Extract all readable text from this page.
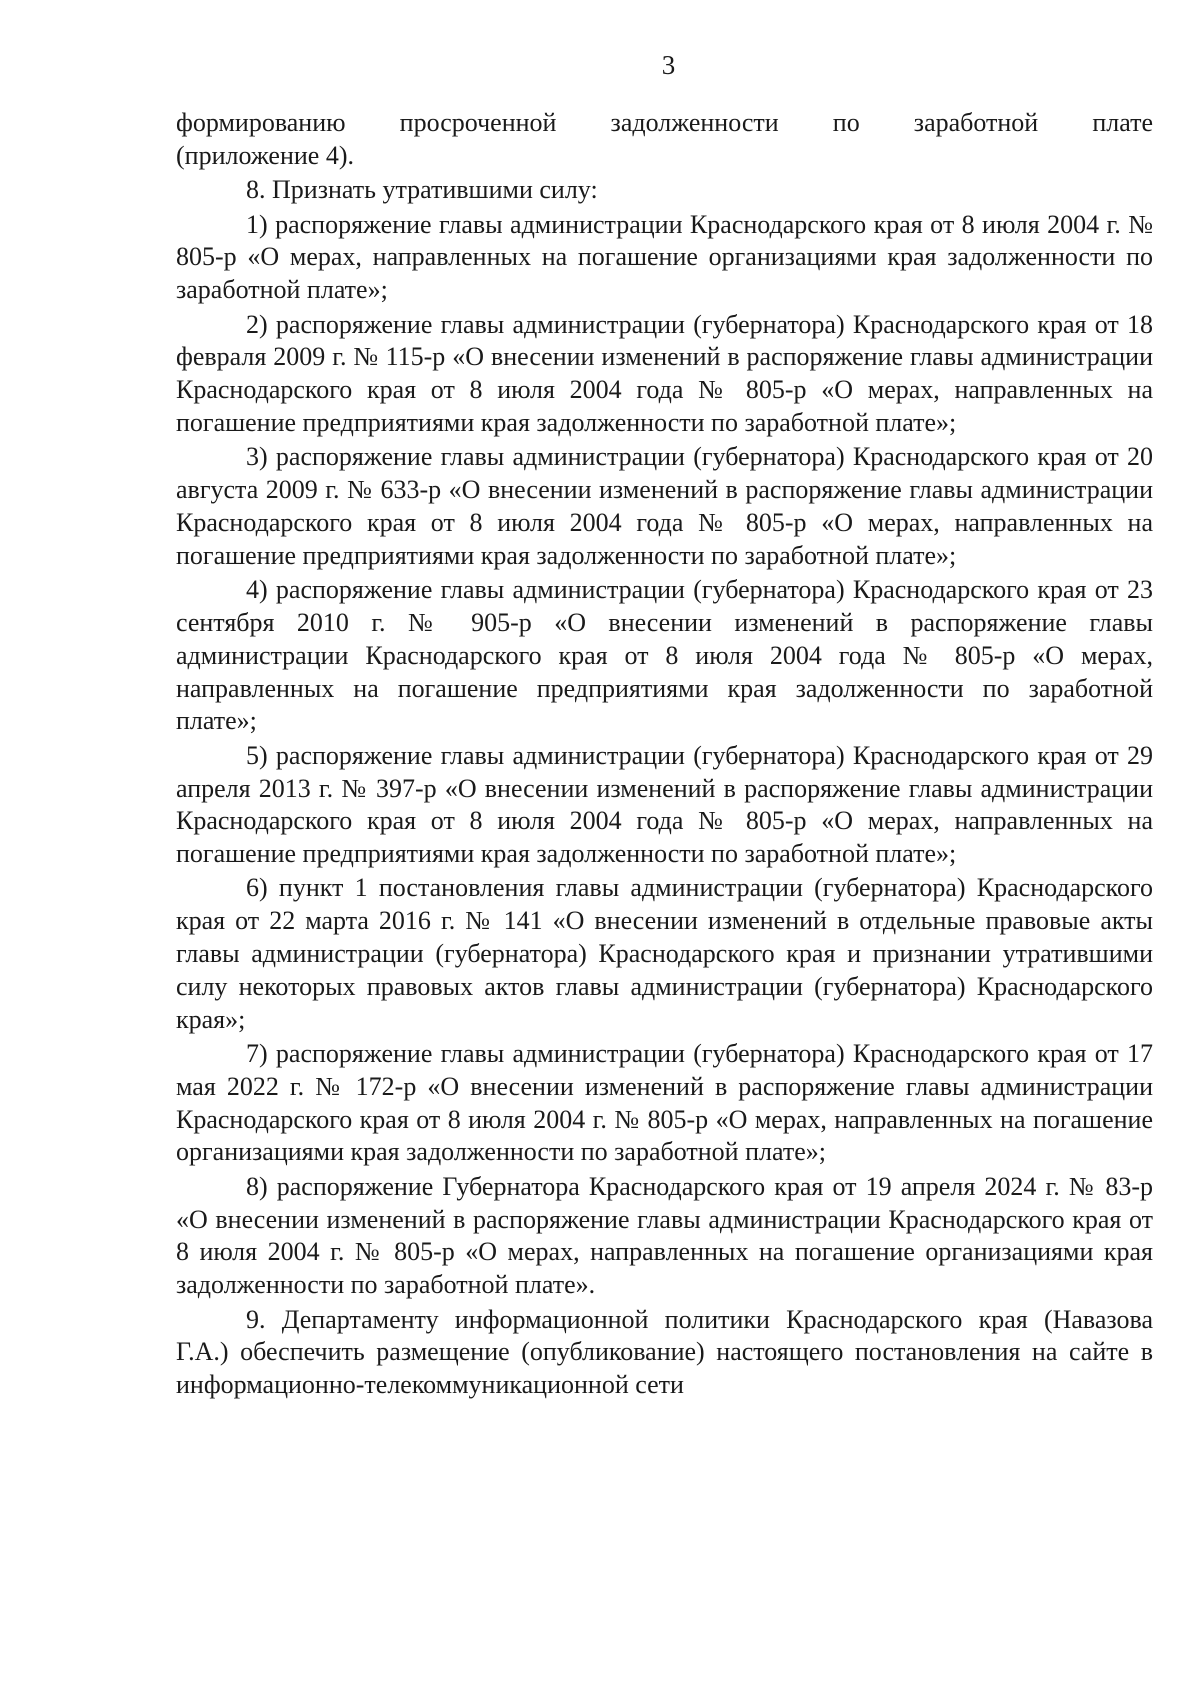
3

формированию просроченной задолженности по заработной плате
(приложение 4).

8. Признать утратившими силу:

1) распоряжение главы администрации Краснодарского края от 8 июля 2004 г. № 805-р «О мерах, направленных на погашение организациями края задолженности по заработной плате»;

2) распоряжение главы администрации (губернатора) Краснодарского края от 18 февраля 2009 г. № 115-р «О внесении изменений в распоряжение главы администрации Краснодарского края от 8 июля 2004 года № 805-р «О мерах, направленных на погашение предприятиями края задолженности по заработной плате»;

3) распоряжение главы администрации (губернатора) Краснодарского края от 20 августа 2009 г. № 633-р «О внесении изменений в распоряжение главы администрации Краснодарского края от 8 июля 2004 года № 805-р «О мерах, направленных на погашение предприятиями края задолженности по заработной плате»;

4) распоряжение главы администрации (губернатора) Краснодарского края от 23 сентября 2010 г. № 905-р «О внесении изменений в распоряжение главы администрации Краснодарского края от 8 июля 2004 года № 805-р «О мерах, направленных на погашение предприятиями края задолженности по заработной плате»;

5) распоряжение главы администрации (губернатора) Краснодарского края от 29 апреля 2013 г. № 397-р «О внесении изменений в распоряжение главы администрации Краснодарского края от 8 июля 2004 года № 805-р «О мерах, направленных на погашение предприятиями края задолженности по заработной плате»;

6) пункт 1 постановления главы администрации (губернатора) Краснодарского края от 22 марта 2016 г. № 141 «О внесении изменений в отдельные правовые акты главы администрации (губернатора) Краснодарского края и признании утратившими силу некоторых правовых актов главы администрации (губернатора) Краснодарского края»;

7) распоряжение главы администрации (губернатора) Краснодарского края от 17 мая 2022 г. № 172-р «О внесении изменений в распоряжение главы администрации Краснодарского края от 8 июля 2004 г. № 805-р «О мерах, направленных на погашение организациями края задолженности по заработной плате»;

8) распоряжение Губернатора Краснодарского края от 19 апреля 2024 г. № 83-р «О внесении изменений в распоряжение главы администрации Краснодарского края от 8 июля 2004 г. № 805-р «О мерах, направленных на погашение организациями края задолженности по заработной плате».

9. Департаменту информационной политики Краснодарского края (Навазова Г.А.) обеспечить размещение (опубликование) настоящего постановления на сайте в информационно-телекоммуникационной сети
